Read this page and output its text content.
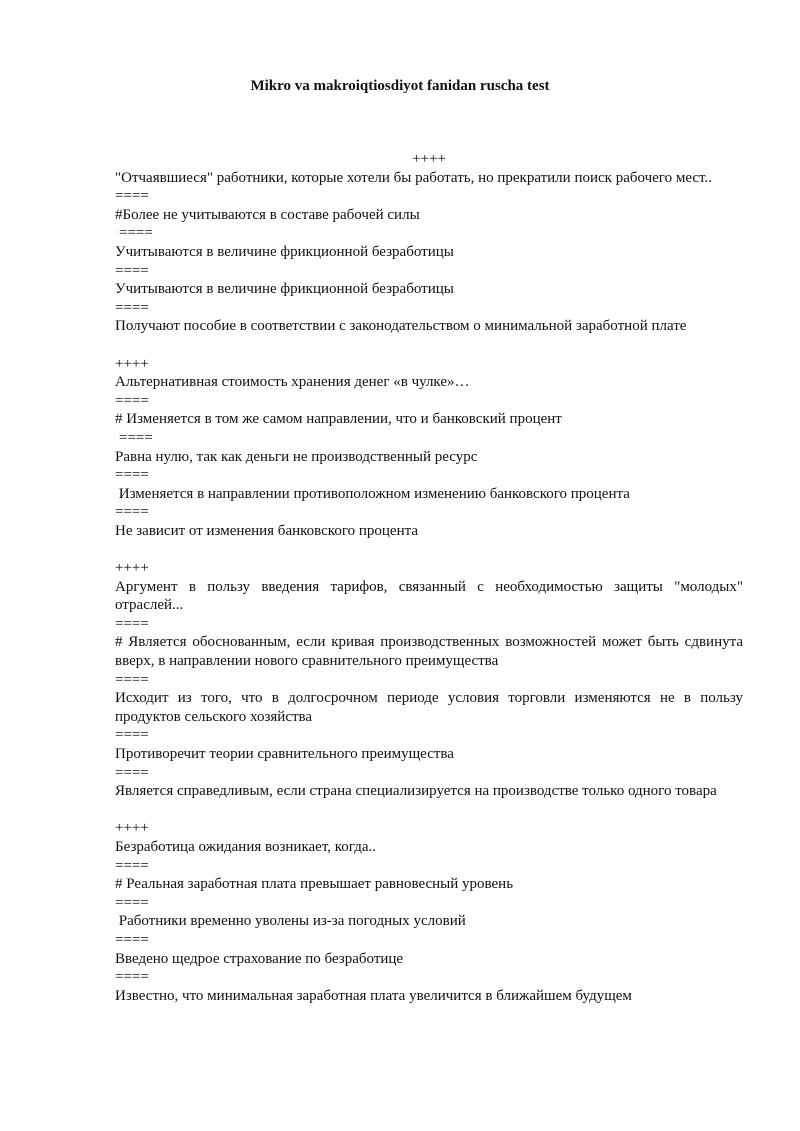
Mikro va makroiqtiosdiyot fanidan ruscha test
++++
"Отчаявшиеся" работники, которые хотели бы работать, но прекратили поиск рабочего мест..
====
#Более не учитываются в составе рабочей силы
====
Учитываются в величине фрикционной безработицы
====
Учитываются в величине фрикционной безработицы
====
Получают пособие в соответствии с законодательством о минимальной заработной плате
++++
Альтернативная стоимость хранения денег «в чулке»…
====
# Изменяется в том же самом направлении, что и банковский процент
====
Равна нулю, так как деньги не производственный ресурс
====
Изменяется в направлении противоположном изменению банковского процента
====
Не зависит от изменения банковского процента
++++
Аргумент в пользу введения тарифов, связанный с необходимостью защиты "молодых" отраслей...
====
# Является обоснованным, если кривая производственных возможностей может быть сдвинута вверх, в направлении нового сравнительного преимущества
====
Исходит из того, что в долгосрочном периоде условия торговли изменяются не в пользу продуктов сельского хозяйства
====
Противоречит теории сравнительного преимущества
====
Является справедливым, если страна специализируется на производстве только одного товара
++++
Безработица ожидания возникает, когда..
====
# Реальная заработная плата превышает равновесный уровень
====
Работники временно уволены из-за погодных условий
====
Введено щедрое страхование по безработице
====
Известно, что минимальная заработная плата увеличится в ближайшем будущем
